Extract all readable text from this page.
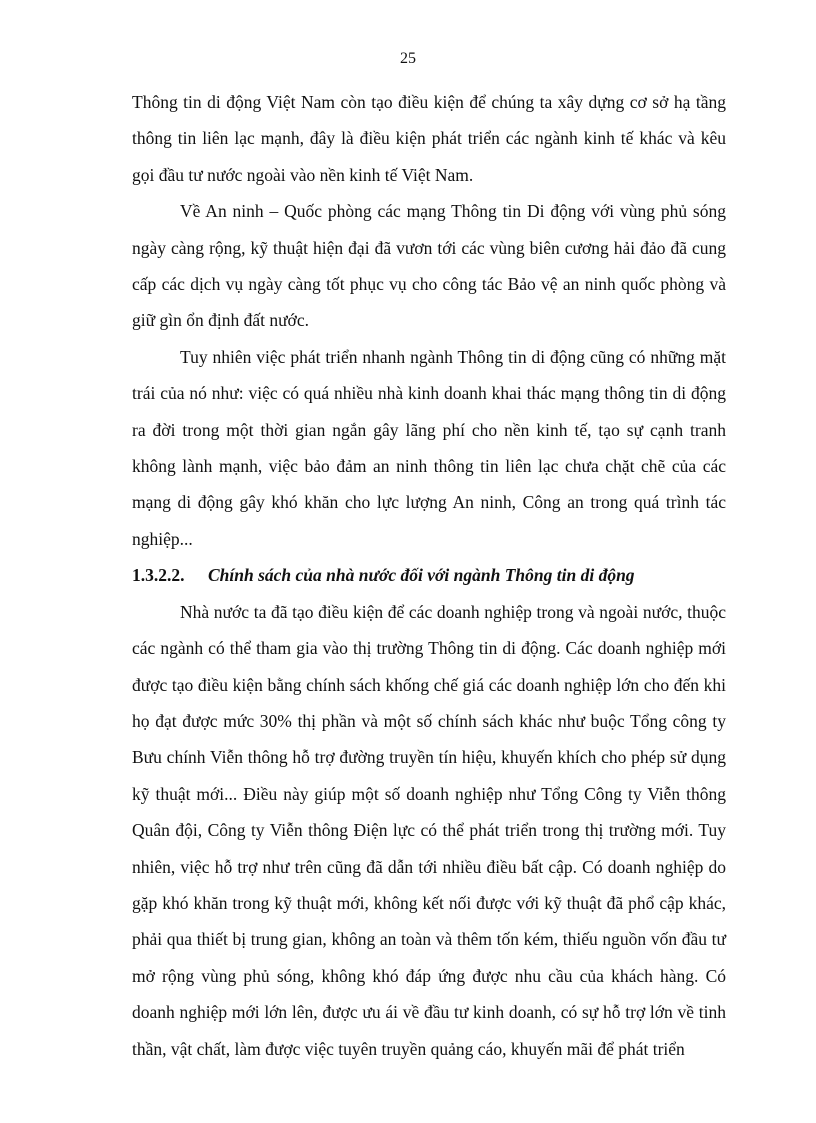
25

Thông tin di động Việt Nam còn tạo điều kiện để chúng ta xây dựng cơ sở hạ tầng thông tin liên lạc mạnh, đây là điều kiện phát triển các ngành kinh tế khác và kêu gọi đầu tư nước ngoài vào nền kinh tế Việt Nam.

Về An ninh – Quốc phòng các mạng Thông tin Di động với vùng phủ sóng ngày càng rộng, kỹ thuật hiện đại đã vươn tới các vùng biên cương hải đảo đã cung cấp các dịch vụ ngày càng tốt phục vụ cho công tác Bảo vệ an ninh quốc phòng và giữ gìn ổn định đất nước.

Tuy nhiên việc phát triển nhanh ngành Thông tin di động cũng có những mặt trái của nó như: việc có quá nhiều nhà kinh doanh khai thác mạng thông tin di động ra đời trong một thời gian ngắn gây lãng phí cho nền kinh tế, tạo sự cạnh tranh không lành mạnh, việc bảo đảm an ninh thông tin liên lạc chưa chặt chẽ của các mạng di động gây khó khăn cho lực lượng An ninh, Công an trong quá trình tác nghiệp...

1.3.2.2.	Chính sách của nhà nước đối với ngành Thông tin di động

Nhà nước ta đã tạo điều kiện để các doanh nghiệp trong và ngoài nước, thuộc các ngành có thể tham gia vào thị trường Thông tin di động. Các doanh nghiệp mới được tạo điều kiện bằng chính sách khống chế giá các doanh nghiệp lớn cho đến khi họ đạt được mức 30% thị phần và một số chính sách khác như buộc Tổng công ty Bưu chính Viễn thông hỗ trợ đường truyền tín hiệu, khuyến khích cho phép sử dụng kỹ thuật mới... Điều này giúp một số doanh nghiệp như Tổng Công ty Viễn thông Quân đội, Công ty Viễn thông Điện lực có thể phát triển trong thị trường mới. Tuy nhiên, việc hỗ trợ như trên cũng đã dẫn tới nhiều điều bất cập. Có doanh nghiệp do gặp khó khăn trong kỹ thuật mới, không kết nối được với kỹ thuật đã phổ cập khác, phải qua thiết bị trung gian, không an toàn và thêm tốn kém, thiếu nguồn vốn đầu tư mở rộng vùng phủ sóng, không khó đáp ứng được nhu cầu của khách hàng. Có doanh nghiệp mới lớn lên, được ưu ái về đầu tư kinh doanh, có sự hỗ trợ lớn về tinh thần, vật chất, làm được việc tuyên truyền quảng cáo, khuyến mãi để phát triển
